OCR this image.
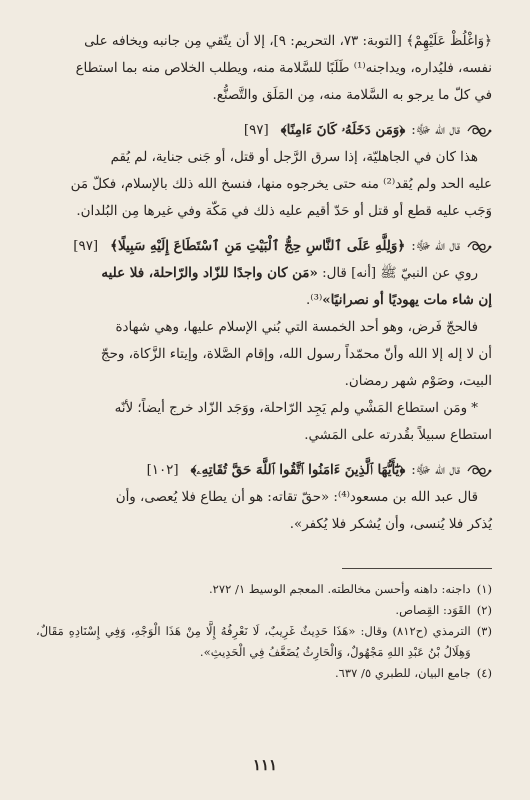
﴿وَاغْلُظْ عَلَيْهِمْ﴾ [التوبة: ٧٣، التحريم: ٩]، إلا أن يتّقي مِن جانبه ويخافه على

نفسه، فليُداره، ويداجنه⁽¹⁾ طَلَبًا للسَّلامة منه، ويطلب الخلاص منه بما استطاع

في كلّ ما يرجو به السَّلامة منه، مِن المَلَق والتَّصنُّع.

قال الله ﷻ:
﴿وَمَن دَخَلَهُۥ كَانَ ءَامِنًا﴾
[٩٧]

هذا كان في الجاهليّة، إذا سرق الرَّجل أو قتل، أو جَنى جناية، لم يُقم

عليه الحد ولم يُقد⁽²⁾ منه حتى يخرجوه منها، فنسخ الله ذلك بالإسلام، فكلّ مَن

وَجَب عليه قطع أو قتل أو حَدّ أقيم عليه ذلك في مَكّة وفي غيرها مِن البُلدان.

قال الله ﷻ:
﴿وَلِلَّهِ عَلَى ٱلنَّاسِ حِجُّ ٱلْبَيْتِ مَنِ ٱسْتَطَاعَ إِلَيْهِ سَبِيلًا﴾
[٩٧]

روي عن النبيّ ﷺ [أنه] قال: «مَن كان واجدًا للزّاد والرّاحلة، فلا عليه

إن شاء مات يهوديًا أو نصرانيًا»⁽³⁾.

فالحجّ فَرض، وهو أحد الخمسة التي بُني الإسلام عليها، وهي شهادة

أن لا إله إلا الله وأنّ محمّداً رسول الله، وإقام الصَّلاة، وإيتاء الزَّكاة، وحجّ

البيت، وصَوْم شهر رمضان.

* ومَن استطاع المَشْي ولم يَجِد الرّاحلة، ووَجَد الزّاد خرج أيضاً؛ لأنّه

استطاع سبيلاً بقُدرته على المَشي.

قال الله ﷻ:
﴿يَٰٓأَيُّهَا ٱلَّذِينَ ءَامَنُوا ٱتَّقُوا ٱللَّهَ حَقَّ تُقَاتِهِۦ﴾
[١٠٢]

قال عبد الله بن مسعود⁽⁴⁾: «حقّ تقاته: هو أن يطاع فلا يُعصى، وأن

يُذكر فلا يُنسى، وأن يُشكر فلا يُكفر».

(١)
داجنه: داهنه وأحسن مخالطته. المعجم الوسيط ١/ ٢٧٢.
(٢)
القَوَد: القِصاص.
(٣)
الترمذي (ح٨١٢) وقال: «هَذَا حَدِيثٌ غَرِيبٌ، لَا نَعْرِفُهُ إِلَّا مِنْ هَذَا الْوَجْهِ، وَفِي إِسْنَادِهِ مَقَالٌ، وَهِلَالُ بْنُ عَبْدِ اللهِ مَجْهُولٌ، وَالْحَارِثُ يُضَعَّفُ فِي الْحَدِيثِ».
(٤)
جامع البيان، للطبري ٥/ ٦٣٧.
١١١
